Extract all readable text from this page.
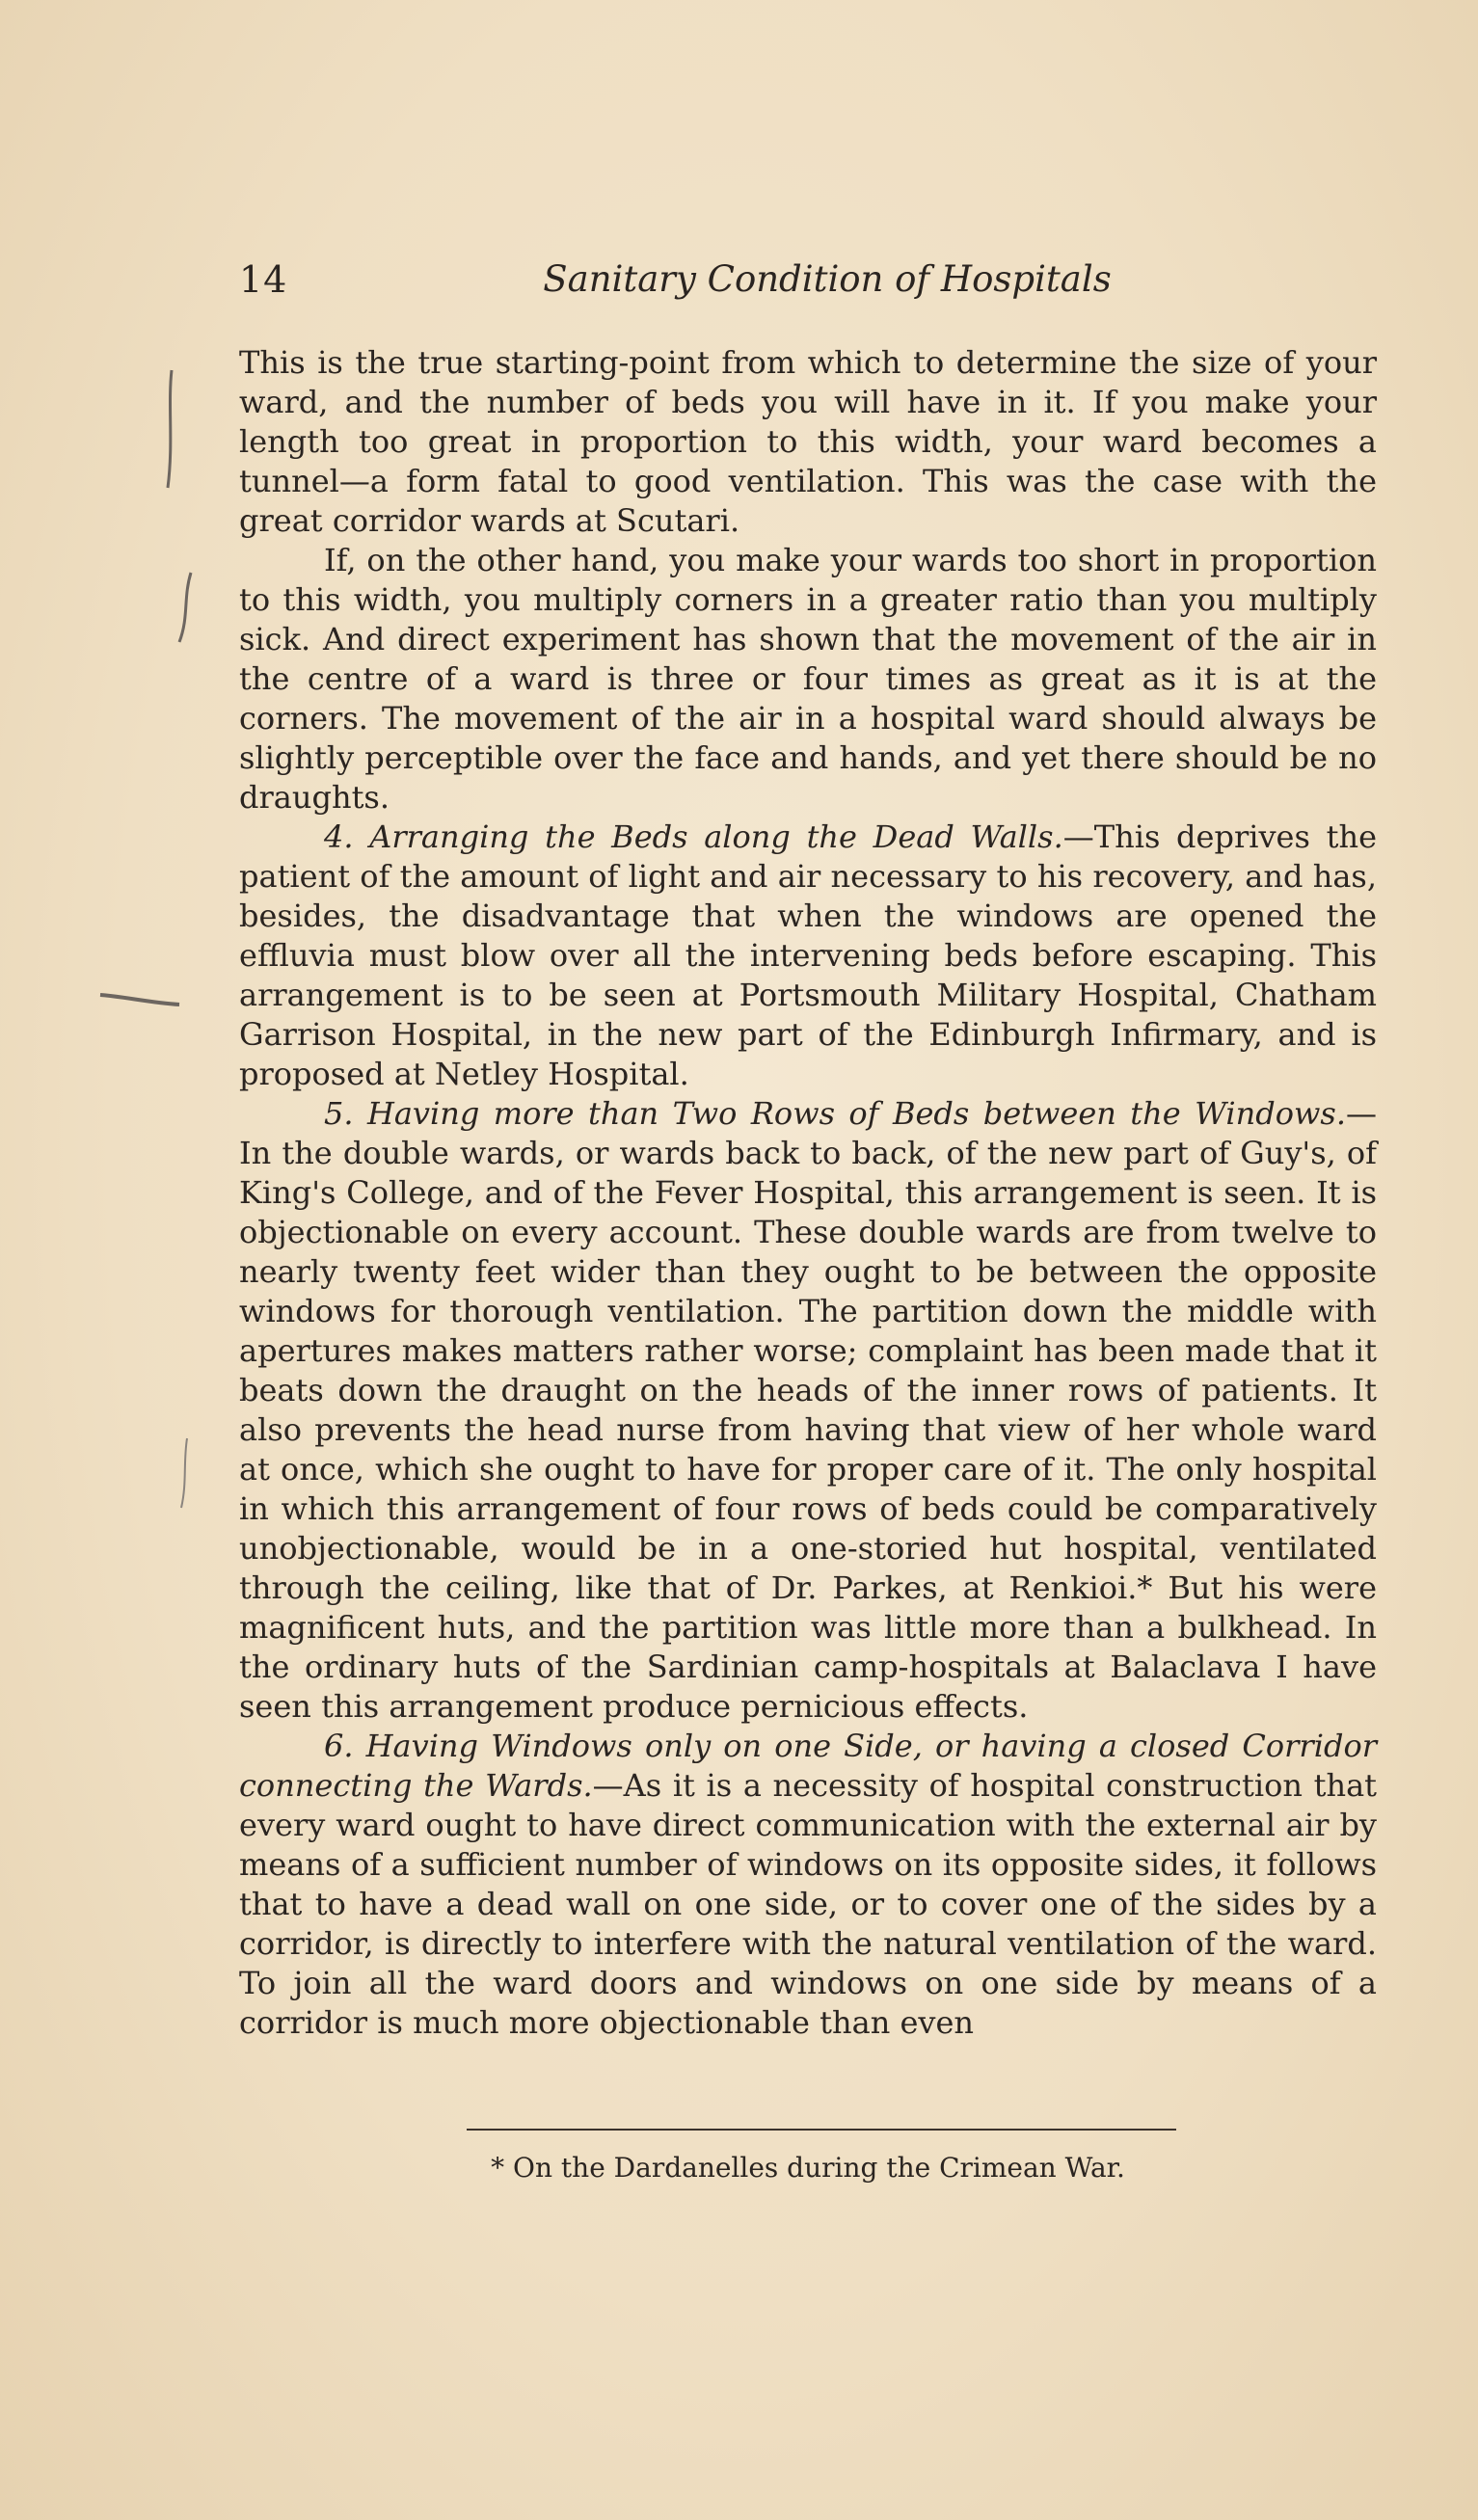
14	Sanitary Condition of Hospitals

This is the true starting-point from which to determine the size of your ward, and the number of beds you will have in it. If you make your length too great in proportion to this width, your ward becomes a tunnel—a form fatal to good ventilation. This was the case with the great corridor wards at Scutari.

If, on the other hand, you make your wards too short in proportion to this width, you multiply corners in a greater ratio than you multiply sick. And direct experiment has shown that the movement of the air in the centre of a ward is three or four times as great as it is at the corners. The movement of the air in a hospital ward should always be slightly perceptible over the face and hands, and yet there should be no draughts.

4. Arranging the Beds along the Dead Walls.—This deprives the patient of the amount of light and air necessary to his recovery, and has, besides, the disadvantage that when the windows are opened the effluvia must blow over all the intervening beds before escaping. This arrangement is to be seen at Portsmouth Military Hospital, Chatham Garrison Hospital, in the new part of the Edinburgh Infirmary, and is proposed at Netley Hospital.

5. Having more than Two Rows of Beds between the Windows.— In the double wards, or wards back to back, of the new part of Guy's, of King's College, and of the Fever Hospital, this arrangement is seen. It is objectionable on every account. These double wards are from twelve to nearly twenty feet wider than they ought to be between the opposite windows for thorough ventilation. The partition down the middle with apertures makes matters rather worse; complaint has been made that it beats down the draught on the heads of the inner rows of patients. It also prevents the head nurse from having that view of her whole ward at once, which she ought to have for proper care of it. The only hospital in which this arrangement of four rows of beds could be comparatively unobjectionable, would be in a one-storied hut hospital, ventilated through the ceiling, like that of Dr. Parkes, at Renkioi.* But his were magnificent huts, and the partition was little more than a bulkhead. In the ordinary huts of the Sardinian camp-hospitals at Balaclava I have seen this arrangement produce pernicious effects.

6. Having Windows only on one Side, or having a closed Corridor connecting the Wards.—As it is a necessity of hospital construction that every ward ought to have direct communication with the external air by means of a sufficient number of windows on its opposite sides, it follows that to have a dead wall on one side, or to cover one of the sides by a corridor, is directly to interfere with the natural ventilation of the ward. To join all the ward doors and windows on one side by means of a corridor is much more objectionable than even

* On the Dardanelles during the Crimean War.
